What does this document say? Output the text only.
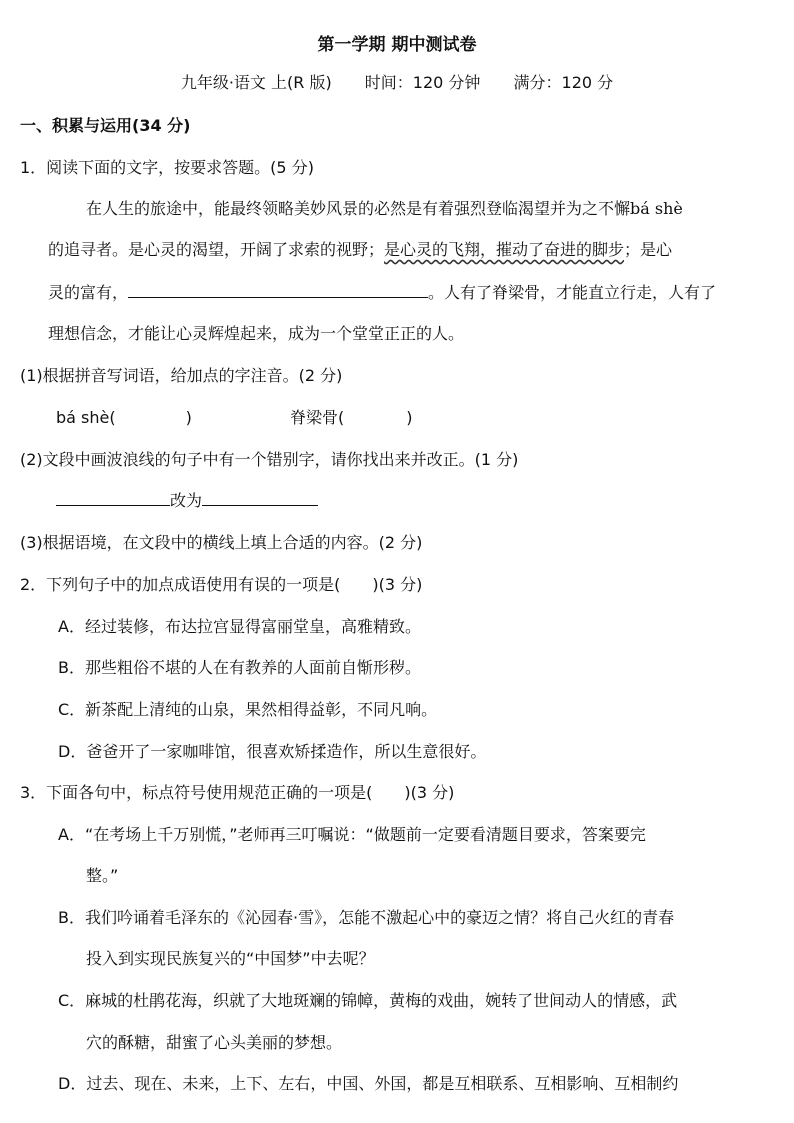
第一学期 期中测试卷
九年级·语文 上(R 版) 时间：120 分钟 满分：120 分
一、积累与运用(34 分)
1．阅读下面的文字，按要求答题。(5 分)
在人生的旅途中，能最终领略美妙风景的必然是有着强烈登临渴望并为之不懈bá shè
的追寻者。是心灵的渴望，开阔了求索的视野；是心灵的飞翔，摧动了奋进的脚步；是心
灵的富有，	。人有了脊梁骨，才能直立行走，人有了
理想信念，才能让心灵辉煌起来，成为一个堂堂正正的人。
(1)根据拼音写词语，给加点的字注音。(2 分)
bá shè(	)	脊梁骨(	)
(2)文段中画波浪线的句子中有一个错别字，请你找出来并改正。(1 分)
改为
(3)根据语境，在文段中的横线上填上合适的内容。(2 分)
2．下列句子中的加点成语使用有误的一项是(　　)(3 分)
A．经过装修，布达拉宫显得富丽堂皇，高雅精致。
B．那些粗俗不堪的人在有教养的人面前自惭形秽。
C．新茶配上清纯的山泉，果然相得益彰，不同凡响。
D．爸爸开了一家咖啡馆，很喜欢矫揉造作，所以生意很好。
3．下面各句中，标点符号使用规范正确的一项是(　　)(3 分)
A．“在考场上千万别慌，”老师再三叮嘱说：“做题前一定要看清题目要求，答案要完
整。”
B．我们吟诵着毛泽东的《沁园春·雪》，怎能不激起心中的豪迈之情？将自己火红的青春
投入到实现民族复兴的“中国梦”中去呢？
C．麻城的杜鹃花海，织就了大地斑斓的锦幛，黄梅的戏曲，婉转了世间动人的情感，武
穴的酥糖，甜蜜了心头美丽的梦想。
D．过去、现在、未来，上下、左右，中国、外国，都是互相联系、互相影响、互相制约
